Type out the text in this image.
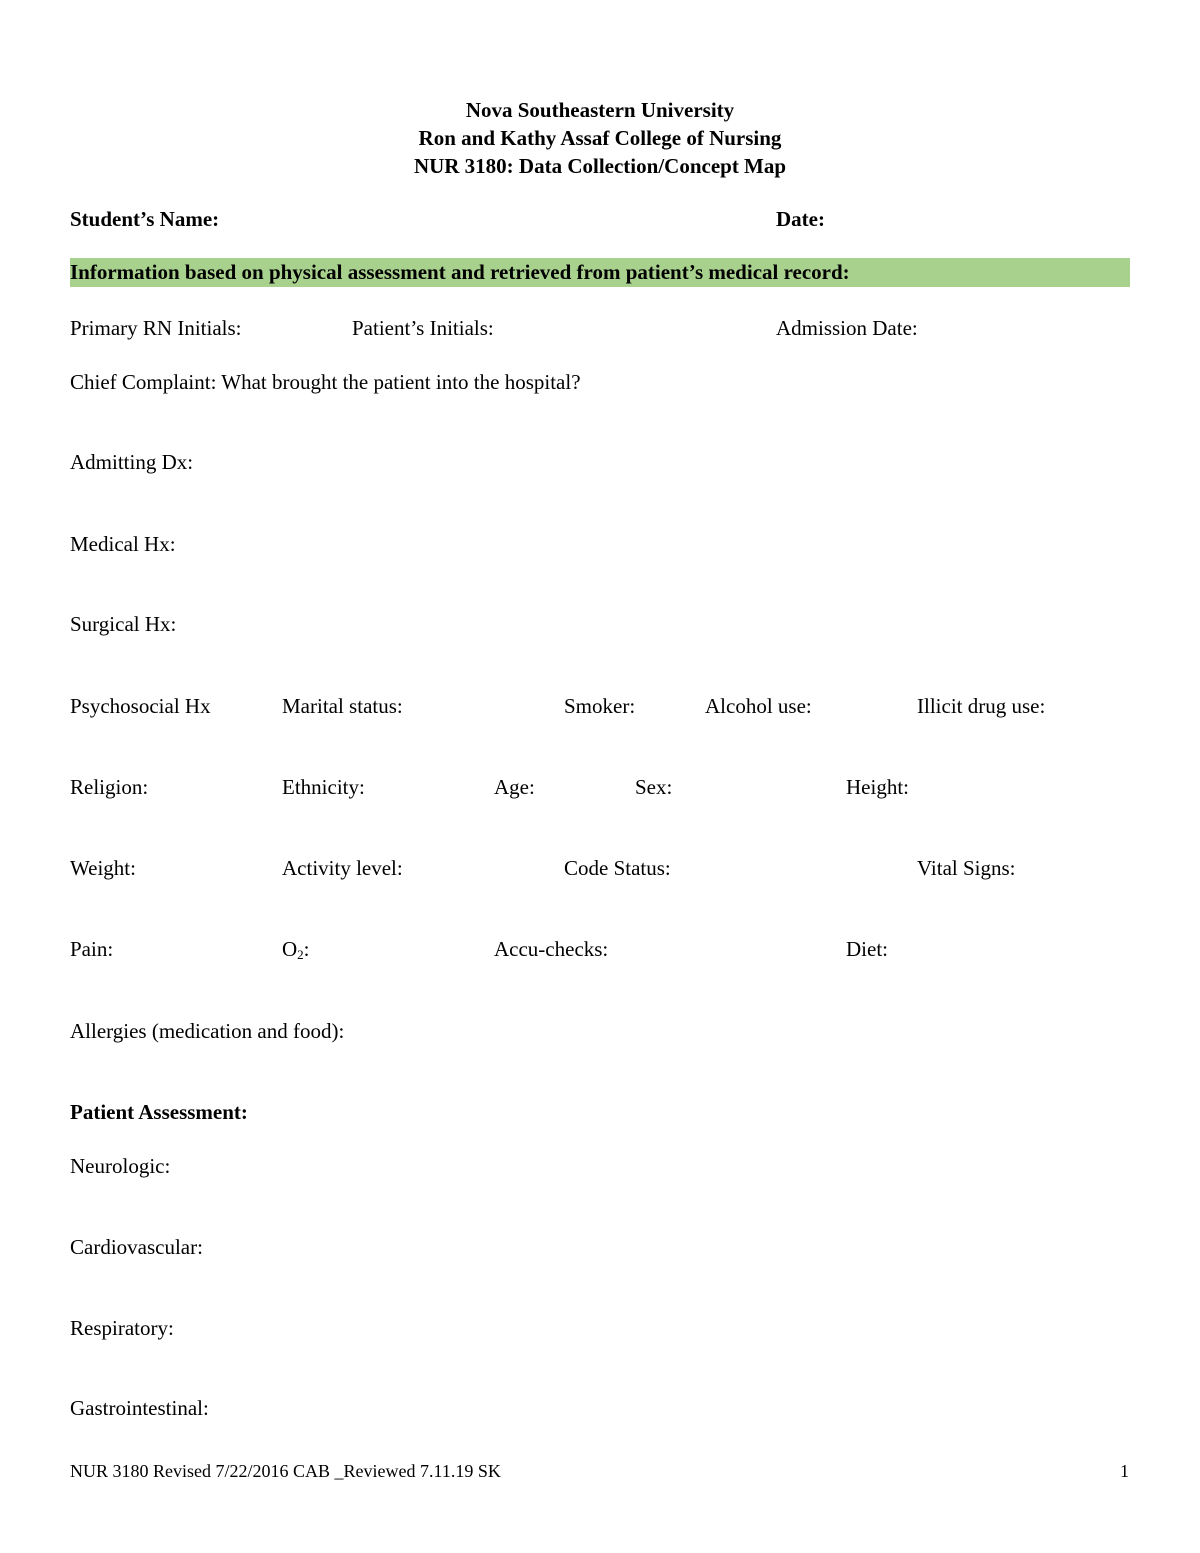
Nova Southeastern University
Ron and Kathy Assaf College of Nursing
NUR 3180: Data Collection/Concept Map
Student’s Name:	Date:
Information based on physical assessment and retrieved from patient’s medical record:
Primary RN Initials:	Patient’s Initials:	Admission Date:
Chief Complaint: What brought the patient into the hospital?
Admitting Dx:
Medical Hx:
Surgical Hx:
Psychosocial Hx	Marital status:	Smoker:	Alcohol use:	Illicit drug use:
Religion:	Ethnicity:	Age:	Sex:	Height:
Weight:	Activity level:	Code Status:	Vital Signs:
Pain:	$O_2$:	Accu-checks:	Diet:
Allergies (medication and food):
Patient Assessment:
Neurologic:
Cardiovascular:
Respiratory:
Gastrointestinal:
NUR 3180 Revised 7/22/2016 CAB _Reviewed 7.11.19 SK	1
